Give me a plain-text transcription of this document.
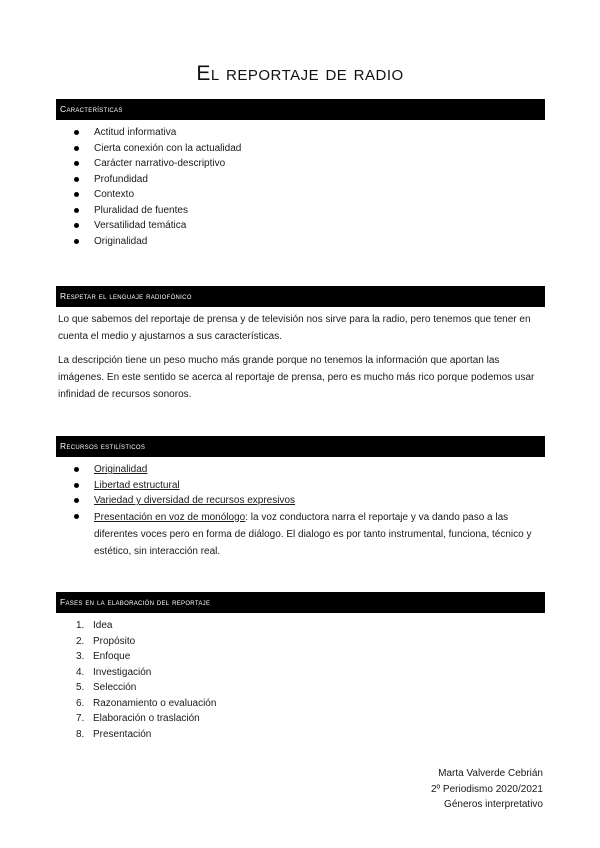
El reportaje de radio
Características
Actitud informativa
Cierta conexión con la actualidad
Carácter narrativo-descriptivo
Profundidad
Contexto
Pluralidad de fuentes
Versatilidad temática
Originalidad
Respetar el lenguaje radiofónico

Lo que sabemos del reportaje de prensa y de televisión nos sirve para la radio, pero tenemos que tener en cuenta el medio y ajustarnos a sus características.

La descripción tiene un peso mucho más grande porque no tenemos la información que aportan las imágenes. En este sentido se acerca al reportaje de prensa, pero es mucho más rico porque podemos usar infinidad de recursos sonoros.

Recursos estilísticos
Originalidad
Libertad estructural
Variedad y diversidad de recursos expresivos
Presentación en voz de monólogo: la voz conductora narra el reportaje y va dando paso a las diferentes voces pero en forma de diálogo. El dialogo es por tanto instrumental, funciona, técnico y estético, sin interacción real.
Fases en la elaboración del reportaje
1. Idea
2. Propósito
3. Enfoque
4. Investigación
5. Selección
6. Razonamiento o evaluación
7. Elaboración o traslación
8. Presentación
Marta Valverde Cebrián
2º Periodismo 2020/2021
Géneros interpretativo
